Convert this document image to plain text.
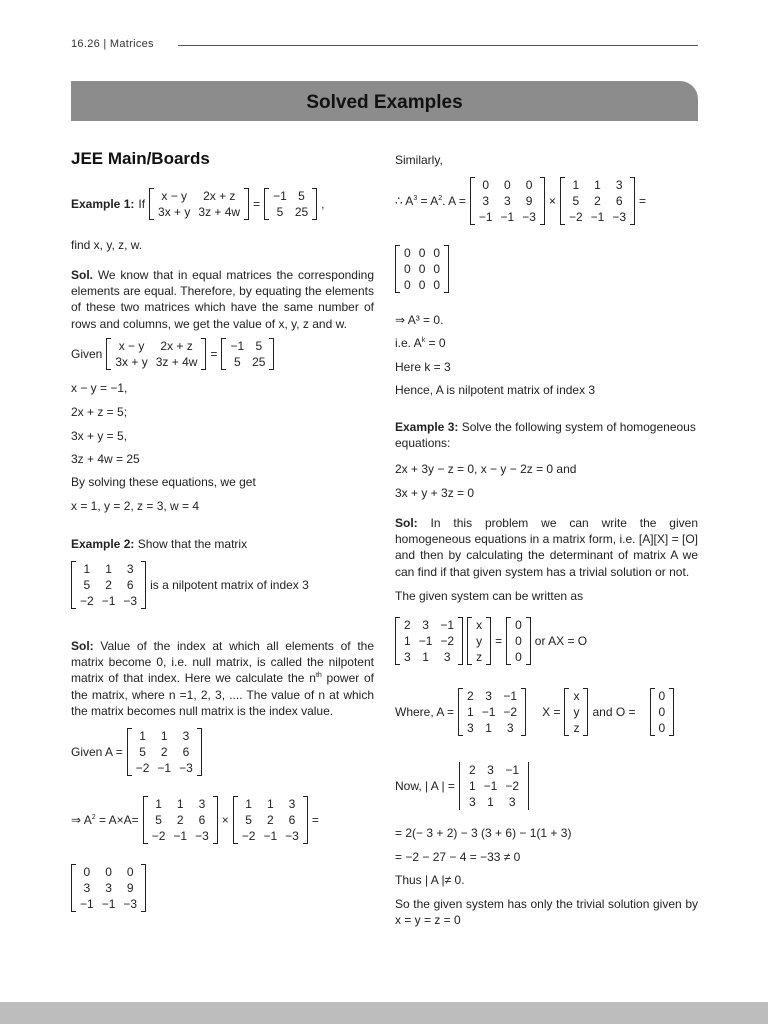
16.26 | Matrices
Solved Examples
JEE Main/Boards
Example 1: If
x − y	2x + z
3x + y	3z + 4w
=
−1	5
5	25
,

find x, y, z, w.

Sol. We know that in equal matrices the corresponding elements are equal. Therefore, by equating the elements of these two matrices which have the same number of rows and columns, we get the value of x, y, z and w.

Given
x − y	2x + z
3x + y	3z + 4w
=
−1	5
5	25

x − y = −1,

2x + z = 5;

3x + y = 5,

3z + 4w = 25

By solving these equations, we get

x = 1, y = 2, z = 3, w = 4

Example 2: Show that the matrix

1	1	3
5	2	6
−2	−1	−3
is a nilpotent matrix of index 3

Sol: Value of the index at which all elements of the matrix become 0, i.e. null matrix, is called the nilpotent matrix of that index. Here we calculate the $n^{th}$ power of the matrix, where n =1, 2, 3, .... The value of n at which the matrix becomes null matrix is the index value.

Given A =
1	1	3
5	2	6
−2	−1	−3
⇒ $A^2 = A\times A=$
1	1	3
5	2	6
−2	−1	−3
×
1	1	3
5	2	6
−2	−1	−3
=
0	0	0
3	3	9
−1	−1	−3

Similarly,

∴ $A^3 = A^2$. A =
0	0	0
3	3	9
−1	−1	−3
×
1	1	3
5	2	6
−2	−1	−3
=
0	0	0
0	0	0
0	0	0

⇒ A³ = 0.

i.e. $A^k = 0$

Here k = 3

Hence, A is nilpotent matrix of index 3

Example 3: Solve the following system of homogeneous equations:

2x + 3y − z = 0, x − y − 2z = 0 and

3x + y + 3z = 0

Sol: In this problem we can write the given homogeneous equations in a matrix form, i.e. [A][X] = [O] and then by calculating the determinant of matrix A we can find if that given system has a trivial solution or not.

The given system can be written as

2	3	−1
1	−1	−2
3	1	3
x
y
z
=
0
0
0
or AX = O
Where, A =
2	3	−1
1	−1	−2
3	1	3
X =
x
y
z
and O =
0
0
0
Now, | A | =
2	3	−1
1	−1	−2
3	1	3

= 2(− 3 + 2) − 3 (3 + 6) − 1(1 + 3)

= −2 − 27 − 4 = −33 ≠ 0

Thus | A |≠ 0.

So the given system has only the trivial solution given by x = y = z = 0
